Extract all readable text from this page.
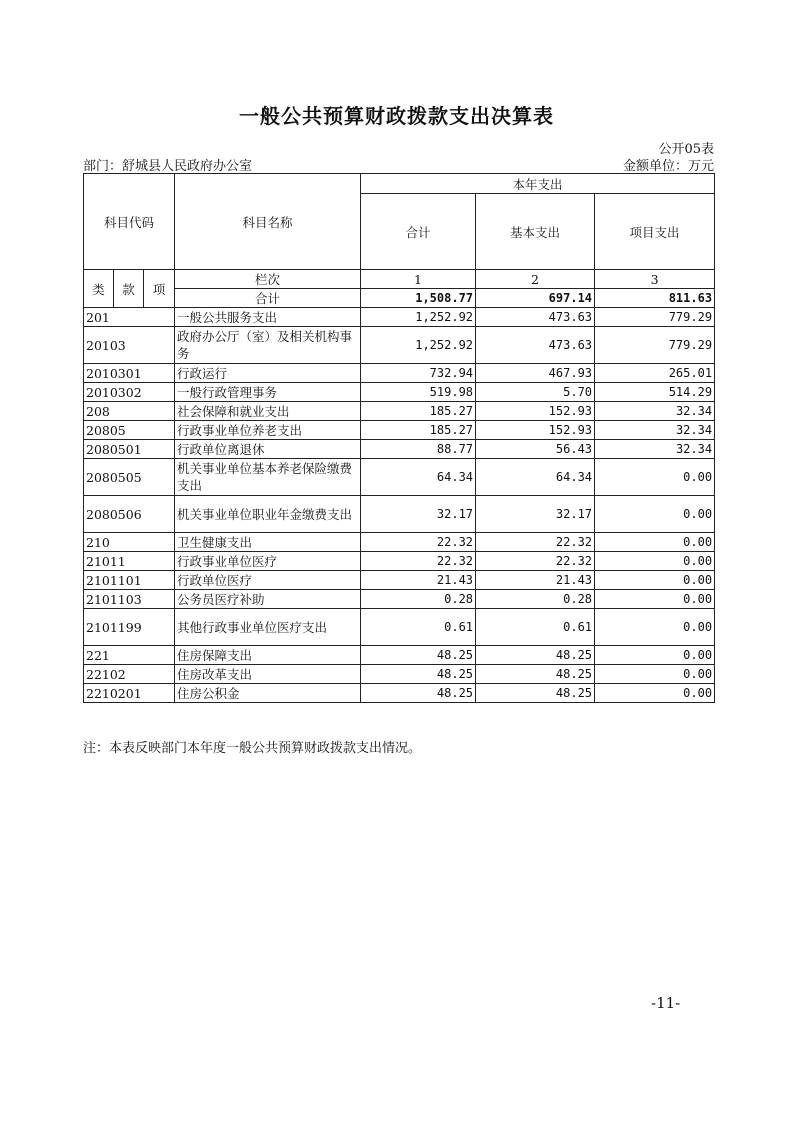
一般公共预算财政拨款支出决算表
公开05表
部门：舒城县人民政府办公室	金额单位：万元
科目代码			科目名称	本年支出		
				合计	基本支出	项目支出
类	款	项	栏次	1	2	3
			合计	1,508.77	697.14	811.63
201			一般公共服务支出	1,252.92	473.63	779.29
20103			政府办公厅（室）及相关机构事务	1,252.92	473.63	779.29
2010301			行政运行	732.94	467.93	265.01
2010302			一般行政管理事务	519.98	5.70	514.29
208			社会保障和就业支出	185.27	152.93	32.34
20805			行政事业单位养老支出	185.27	152.93	32.34
2080501			行政单位离退休	88.77	56.43	32.34
2080505			机关事业单位基本养老保险缴费支出	64.34	64.34	0.00
2080506			机关事业单位职业年金缴费支出	32.17	32.17	0.00
210			卫生健康支出	22.32	22.32	0.00
21011			行政事业单位医疗	22.32	22.32	0.00
2101101			行政单位医疗	21.43	21.43	0.00
2101103			公务员医疗补助	0.28	0.28	0.00
2101199			其他行政事业单位医疗支出	0.61	0.61	0.00
221			住房保障支出	48.25	48.25	0.00
22102			住房改革支出	48.25	48.25	0.00
2210201			住房公积金	48.25	48.25	0.00
注：本表反映部门本年度一般公共预算财政拨款支出情况。
-11-
